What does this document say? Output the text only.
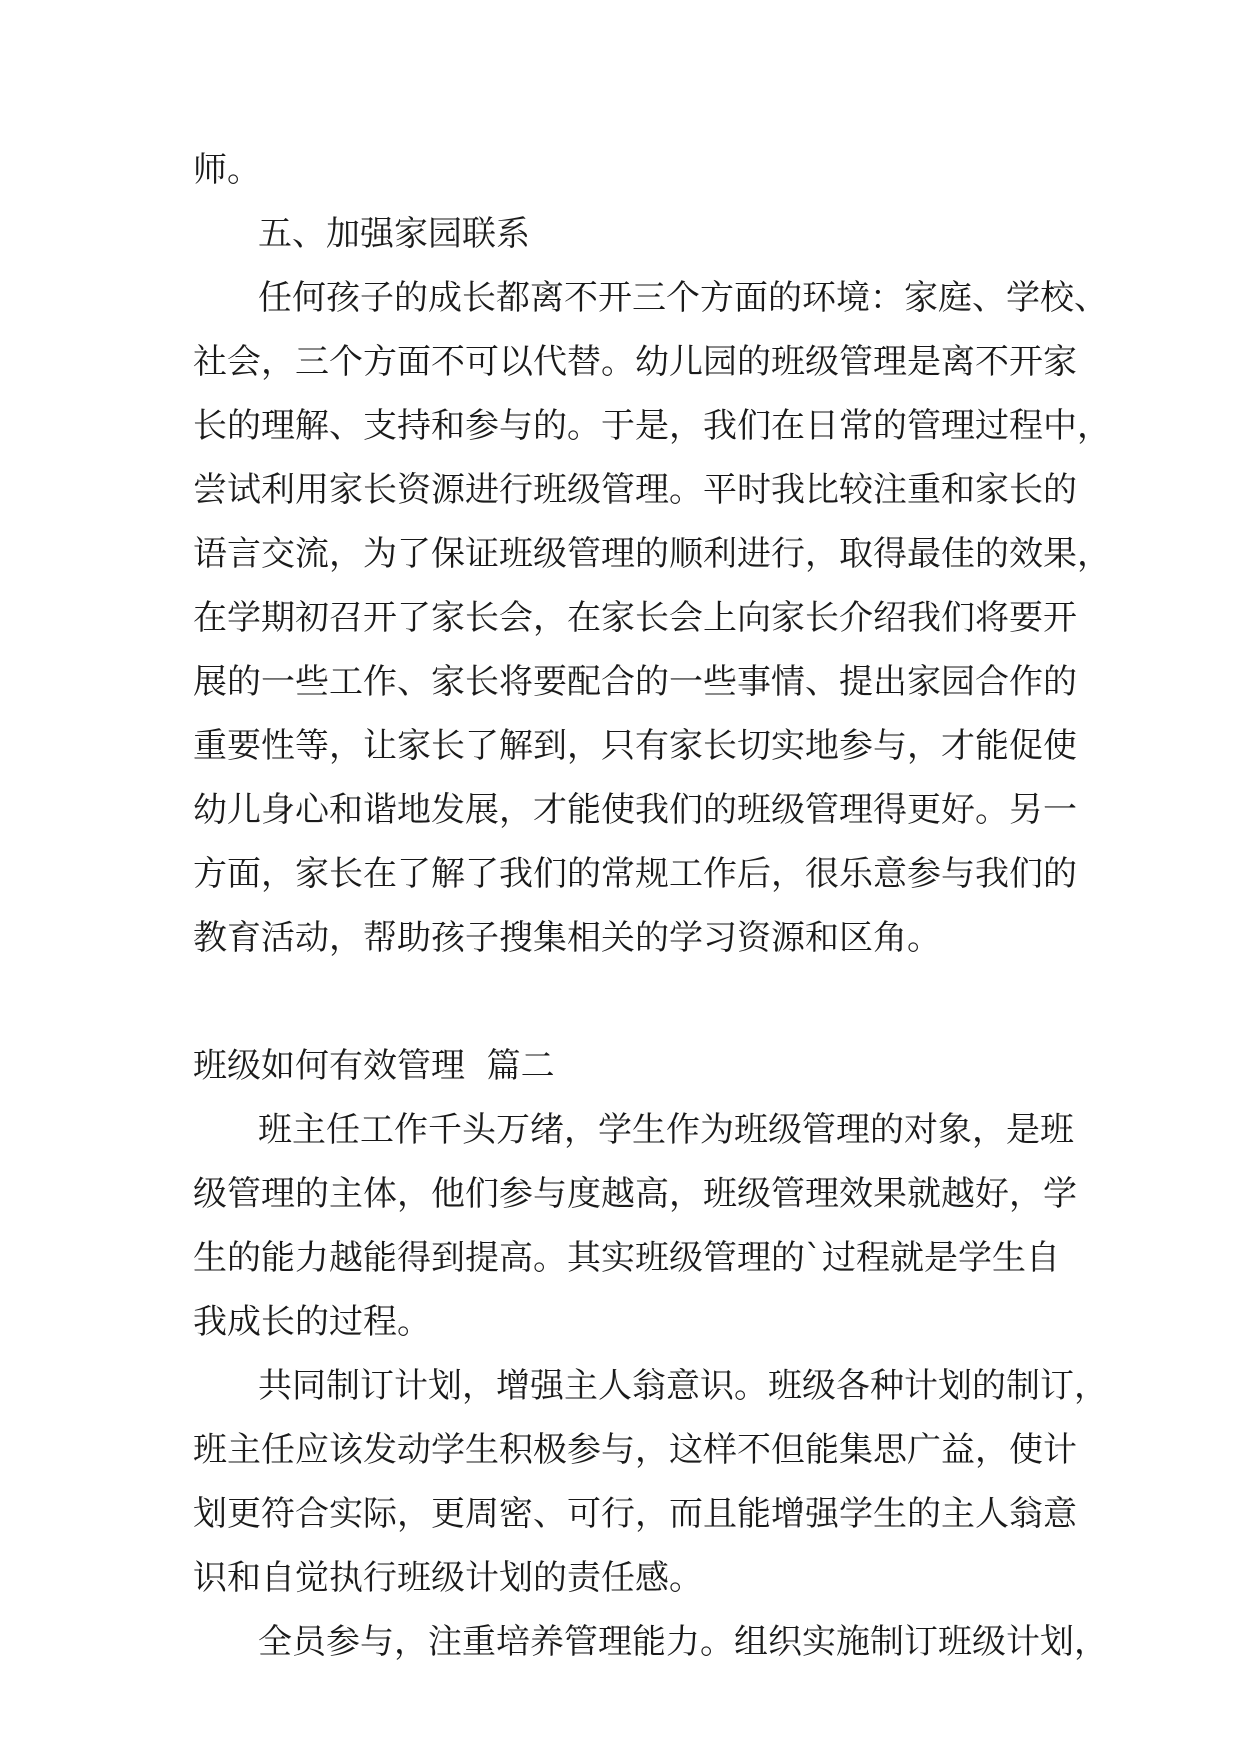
师。
五、加强家园联系
任何孩子的成长都离不开三个方面的环境：家庭、学校、
社会，三个方面不可以代替。幼儿园的班级管理是离不开家
长的理解、支持和参与的。于是，我们在日常的管理过程中，
尝试利用家长资源进行班级管理。平时我比较注重和家长的
语言交流，为了保证班级管理的顺利进行，取得最佳的效果，
在学期初召开了家长会，在家长会上向家长介绍我们将要开
展的一些工作、家长将要配合的一些事情、提出家园合作的
重要性等，让家长了解到，只有家长切实地参与，才能促使
幼儿身心和谐地发展，才能使我们的班级管理得更好。另一
方面，家长在了解了我们的常规工作后，很乐意参与我们的
教育活动，帮助孩子搜集相关的学习资源和区角。
班级如何有效管理  篇二
班主任工作千头万绪，学生作为班级管理的对象，是班
级管理的主体，他们参与度越高，班级管理效果就越好，学
生的能力越能得到提高。其实班级管理的`过程就是学生自
我成长的过程。
共同制订计划，增强主人翁意识。班级各种计划的制订，
班主任应该发动学生积极参与，这样不但能集思广益，使计
划更符合实际，更周密、可行，而且能增强学生的主人翁意
识和自觉执行班级计划的责任感。
全员参与，注重培养管理能力。组织实施制订班级计划，
